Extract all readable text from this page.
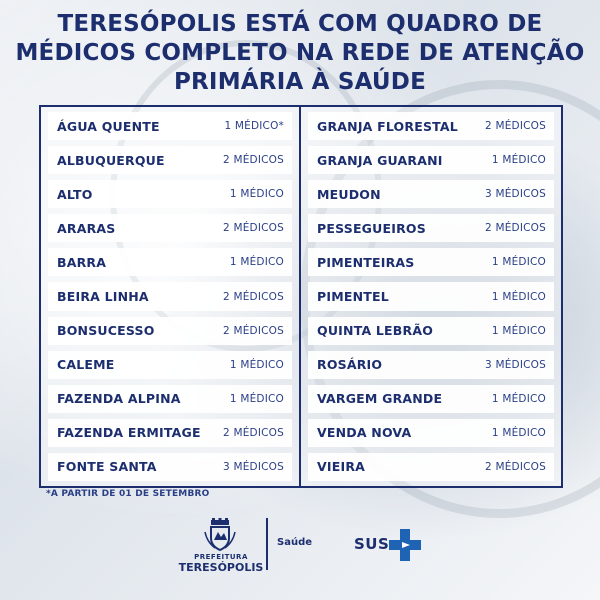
TERESÓPOLIS ESTÁ COM QUADRO DE
MÉDICOS COMPLETO NA REDE DE ATENÇÃO
PRIMÁRIA À SAÚDE
ÁGUA QUENTE	1 MÉDICO*
ALBUQUERQUE	2 MÉDICOS
ALTO	1 MÉDICO
ARARAS	2 MÉDICOS
BARRA	1 MÉDICO
BEIRA LINHA	2 MÉDICOS
BONSUCESSO	2 MÉDICOS
CALEME	1 MÉDICO
FAZENDA ALPINA	1 MÉDICO
FAZENDA ERMITAGE 2 MÉDICOS
FONTE SANTA	3 MÉDICOS
GRANJA FLORESTAL	2 MÉDICOS
GRANJA GUARANI	1 MÉDICO
MEUDON	3 MÉDICOS
PESSEGUEIROS	2 MÉDICOS
PIMENTEIRAS	1 MÉDICO
PIMENTEL	1 MÉDICO
QUINTA LEBRÃO	1 MÉDICO
ROSÁRIO	3 MÉDICOS
VARGEM GRANDE	1 MÉDICO
VENDA NOVA	1 MÉDICO
VIEIRA	2 MÉDICOS
*A PARTIR DE 01 DE SETEMBRO
PREFEITURA
TERESÓPOLIS
Saúde	SUS
